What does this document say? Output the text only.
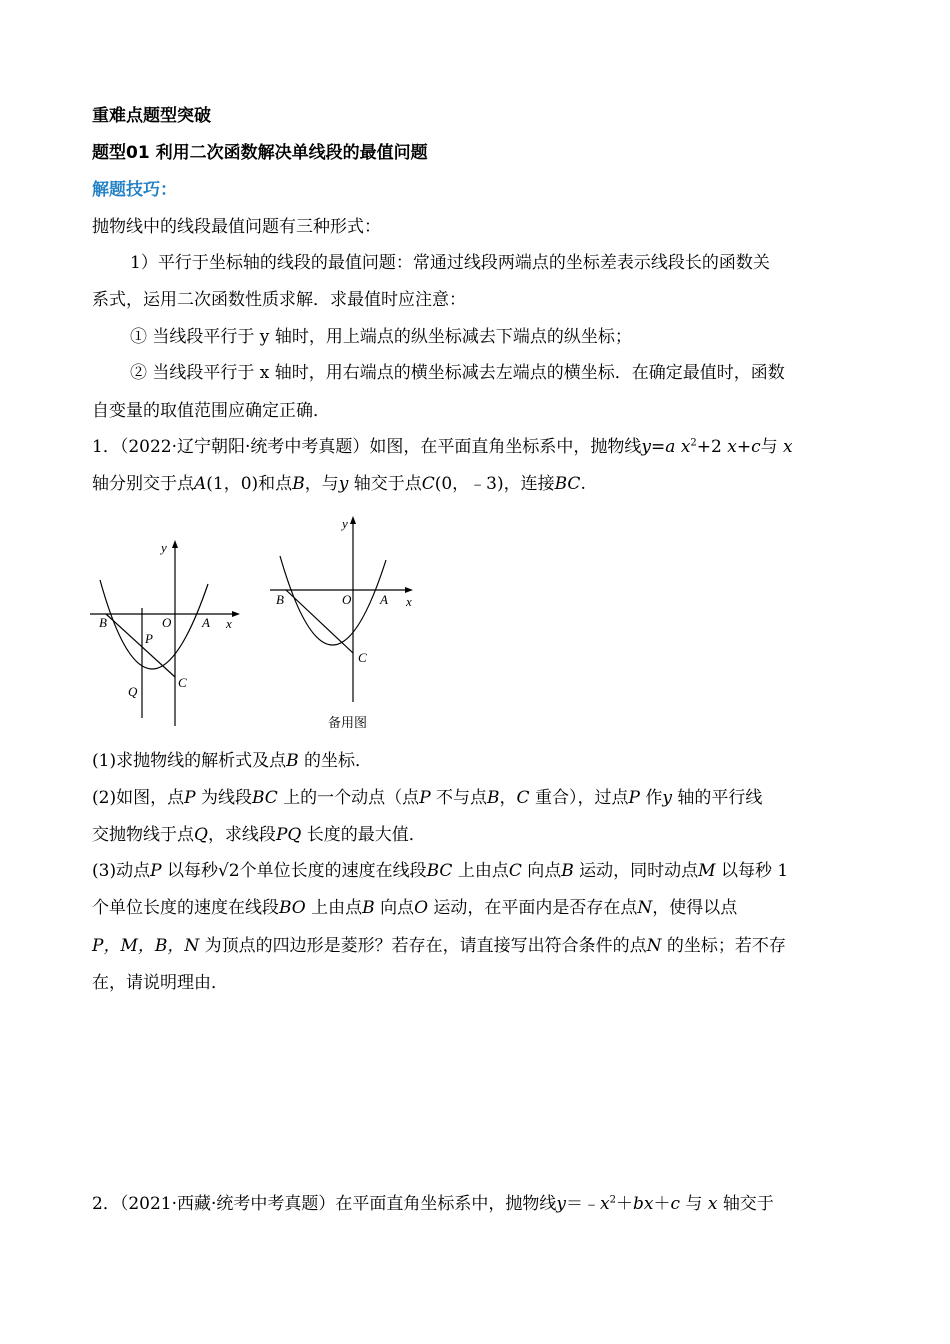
重难点题型突破
题型01 利用二次函数解决单线段的最值问题
解题技巧：
抛物线中的线段最值问题有三种形式：
1）平行于坐标轴的线段的最值问题：常通过线段两端点的坐标差表示线段长的函数关
系式，运用二次函数性质求解．求最值时应注意：
① 当线段平行于 y 轴时，用上端点的纵坐标减去下端点的纵坐标；
② 当线段平行于 x 轴时，用右端点的横坐标减去左端点的横坐标．在确定最值时，函数
自变量的取值范围应确定正确．
1．（2022·辽宁朝阳·统考中考真题）如图，在平面直角坐标系中，抛物线y=a $x^2+2$ x+c与 x
轴分别交于点A(1，0)和点B，与y 轴交于点C(0，﹣3)，连接BC.
B	O A x
y
P
Q
C
B	O A x
y
C
备用图
(1)求抛物线的解析式及点B 的坐标．
(2)如图，点P 为线段BC 上的一个动点（点P 不与点B，C 重合），过点P 作y 轴的平行线
交抛物线于点Q，求线段PQ 长度的最大值．
(3)动点P 以每秒√2个单位长度的速度在线段BC 上由点C 向点B 运动，同时动点M 以每秒 1
个单位长度的速度在线段BO 上由点B 向点O 运动，在平面内是否存在点N，使得以点
P，M，B，N 为顶点的四边形是菱形？若存在，请直接写出符合条件的点N 的坐标；若不存
在，请说明理由．
2．（2021·西藏·统考中考真题）在平面直角坐标系中，抛物线$y=﹣x^2+bx+c$ 与 x 轴交于
